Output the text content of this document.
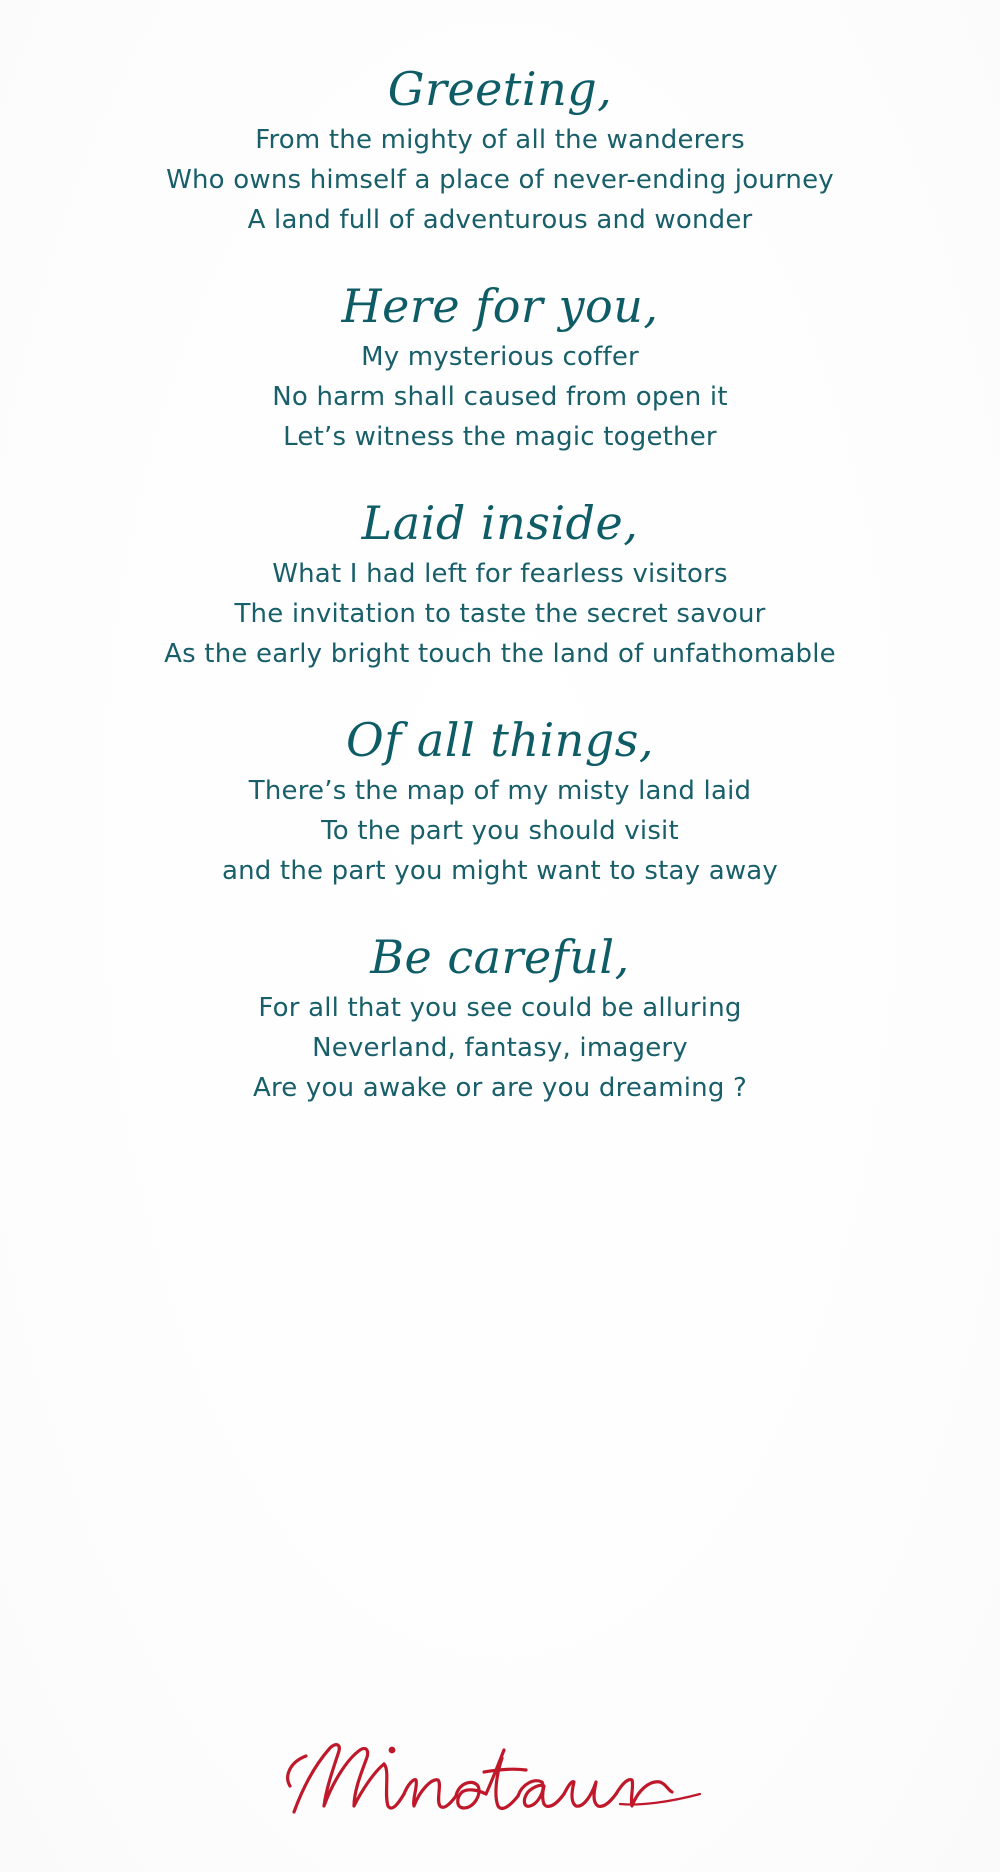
Greeting,
From the mighty of all the wanderers
Who owns himself a place of never-ending journey
A land full of adventurous and wonder
Here for you,
My mysterious coffer
No harm shall caused from open it
Let’s witness the magic together
Laid inside,
What I had left for fearless visitors
The invitation to taste the secret savour
As the early bright touch the land of unfathomable
Of all things,
There’s the map of my misty land laid
To the part you should visit
and the part you might want to stay away
Be careful,
For all that you see could be alluring
Neverland, fantasy, imagery
Are you awake or are you dreaming ?
